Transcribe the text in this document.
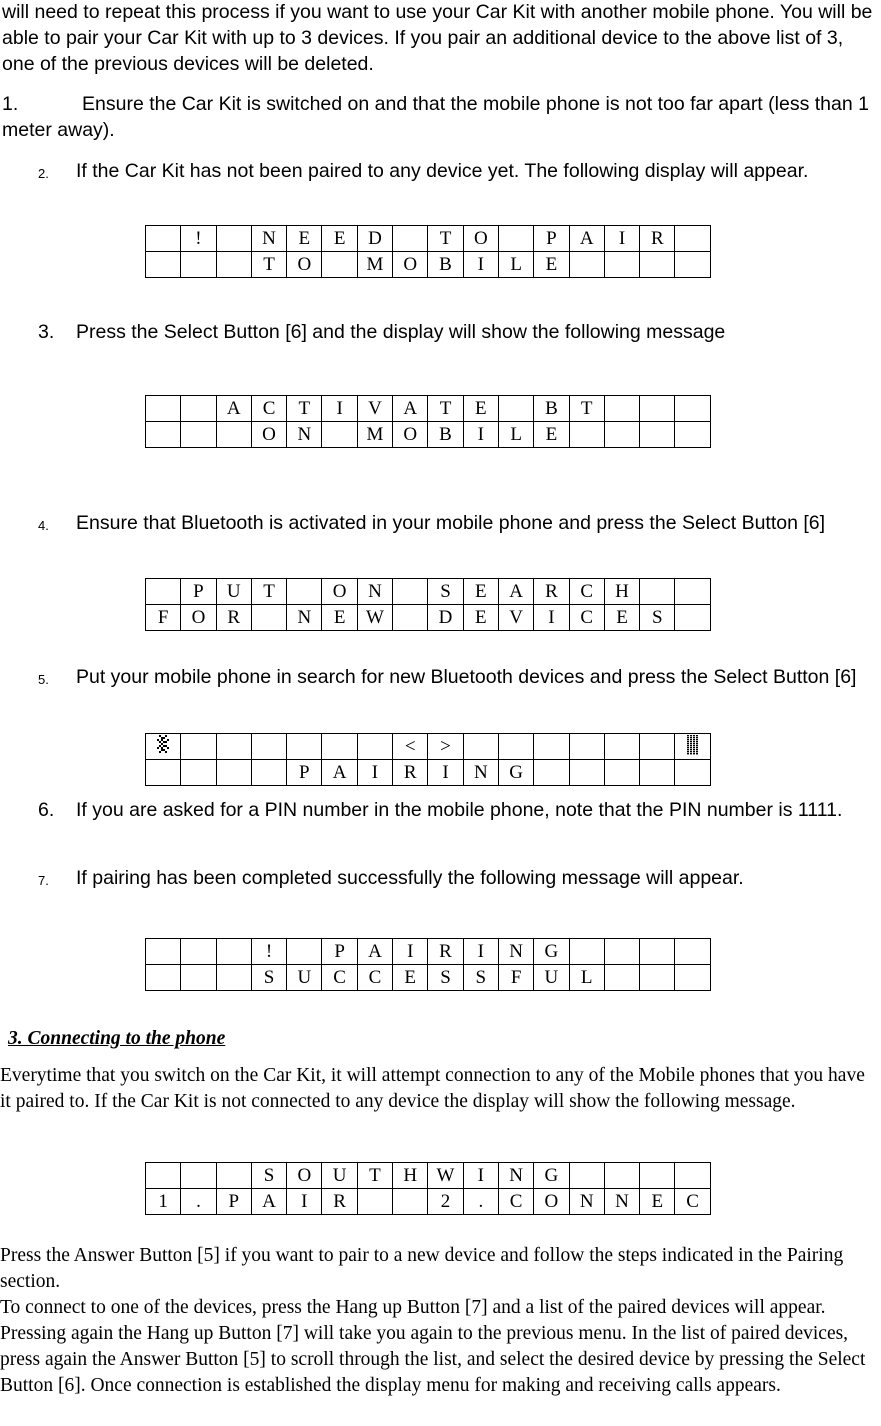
will need to repeat this process if you want to use your Car Kit with another mobile phone. You will be able to pair your Car Kit with up to 3 devices. If you pair an additional device to the above list of 3, one of the previous devices will be deleted.

1.	Ensure the Car Kit is switched on and that the mobile phone is not too far apart (less than 1 meter away).
2. If the Car Kit has not been paired to any device yet. The following display will appear.
	!		N	E	E	D		T	O		P	A	I	R	
			T	O		M	O	B	I	L	E				
3. Press the Select Button [6] and the display will show the following message
		A	C	T	I	V	A	T	E		B	T			
			O	N		M	O	B	I	L	E				
4. Ensure that Bluetooth is activated in your mobile phone and press the Select Button [6]
	P	U	T		O	N		S	E	A	R	C	H		
F	O	R		N	E	W		D	E	V	I	C	E	S	
5. Put your mobile phone in search for new Bluetooth devices and press the Select Button [6]
							<	>							
				P	A	I	R	I	N	G					
6. If you are asked for a PIN number in the mobile phone, note that the PIN number is 1111.
7. If pairing has been completed successfully the following message will appear.
			!		P	A	I	R	I	N	G				
			S	U	C	C	E	S	S	F	U	L			
3. Connecting to the phone

Everytime that you switch on the Car Kit, it will attempt connection to any of the Mobile phones that you have it paired to. If the Car Kit is not connected to any device the display will show the following message.

			S	O	U	T	H	W	I	N	G				
1	.	P	A	I	R			2	.	C	O	N	N	E	C

Press the Answer Button [5] if you want to pair to a new device and follow the steps indicated in the Pairing section.

To connect to one of the devices, press the Hang up Button [7] and a list of the paired devices will appear. Pressing again the Hang up Button [7] will take you again to the previous menu. In the list of paired devices, press again the Answer Button [5] to scroll through the list, and select the desired device by pressing the Select Button [6]. Once connection is established the display menu for making and receiving calls appears.
